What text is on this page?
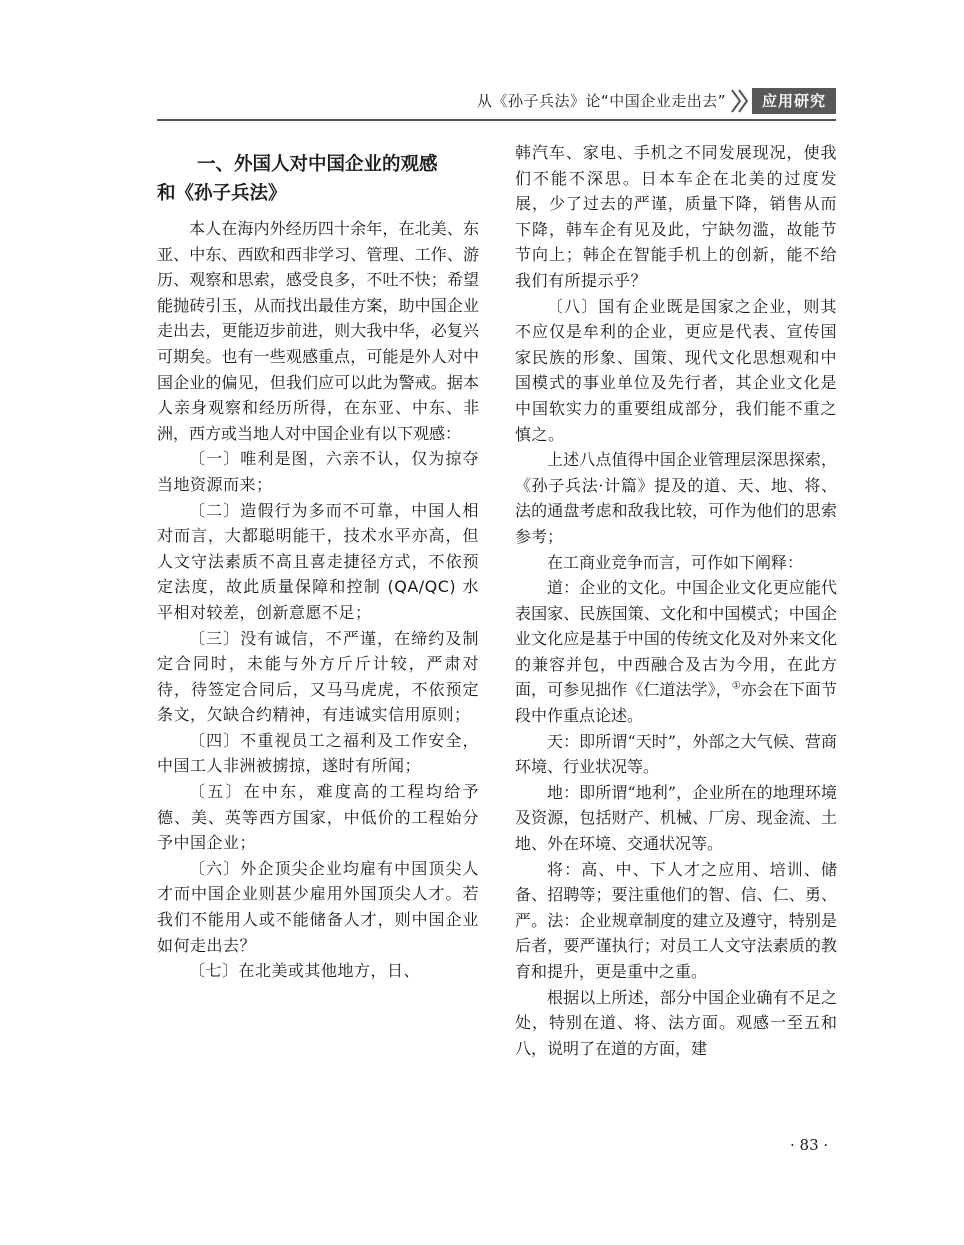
从《孙子兵法》论“中国企业走出去”	应用研究
一、外国人对中国企业的观感
和《孙子兵法》

本人在海内外经历四十余年，在北美、东亚、中东、西欧和西非学习、管理、工作、游历、观察和思索，感受良多，不吐不快；希望能抛砖引玉，从而找出最佳方案，助中国企业走出去，更能迈步前进，则大我中华，必复兴可期矣。也有一些观感重点，可能是外人对中国企业的偏见，但我们应可以此为警戒。据本人亲身观察和经历所得，在东亚、中东、非洲，西方或当地人对中国企业有以下观感：

〔一〕唯利是图，六亲不认，仅为掠夺当地资源而来；

〔二〕造假行为多而不可靠，中国人相对而言，大都聪明能干，技术水平亦高，但人文守法素质不高且喜走捷径方式，不依预定法度，故此质量保障和控制 (QA/QC) 水平相对较差，创新意愿不足；

〔三〕没有诚信，不严谨，在缔约及制定合同时，未能与外方斤斤计较，严肃对待，待签定合同后，又马马虎虎，不依预定条文，欠缺合约精神，有违诚实信用原则；

〔四〕不重视员工之福利及工作安全，中国工人非洲被掳掠，遂时有所闻；

〔五〕在中东，难度高的工程均给予德、美、英等西方国家，中低价的工程始分予中国企业；

〔六〕外企顶尖企业均雇有中国顶尖人才而中国企业则甚少雇用外国顶尖人才。若我们不能用人或不能储备人才，则中国企业如何走出去？

〔七〕在北美或其他地方，日、

韩汽车、家电、手机之不同发展现况，使我们不能不深思。日本车企在北美的过度发展，少了过去的严谨，质量下降，销售从而下降，韩车企有见及此，宁缺勿滥，故能节节向上；韩企在智能手机上的创新，能不给我们有所提示乎？

〔八〕国有企业既是国家之企业，则其不应仅是牟利的企业，更应是代表、宣传国家民族的形象、国策、现代文化思想观和中国模式的事业单位及先行者，其企业文化是中国软实力的重要组成部分，我们能不重之慎之。

上述八点值得中国企业管理层深思探索，《孙子兵法·计篇》提及的道、天、地、将、法的通盘考虑和敌我比较，可作为他们的思索参考；

在工商业竞争而言，可作如下阐释：

道：企业的文化。中国企业文化更应能代表国家、民族国策、文化和中国模式；中国企业文化应是基于中国的传统文化及对外来文化的兼容并包，中西融合及古为今用，在此方面，可参见拙作《仁道法学》，①亦会在下面节段中作重点论述。

天：即所谓“天时”，外部之大气候、营商环境、行业状况等。

地：即所谓“地利”，企业所在的地理环境及资源，包括财产、机械、厂房、现金流、土地、外在环境、交通状况等。

将：高、中、下人才之应用、培训、储备、招聘等；要注重他们的智、信、仁、勇、严。法：企业规章制度的建立及遵守，特别是后者，要严谨执行；对员工人文守法素质的教育和提升，更是重中之重。

根据以上所述，部分中国企业确有不足之处，特别在道、将、法方面。观感一至五和八，说明了在道的方面，建

· 83 ·
